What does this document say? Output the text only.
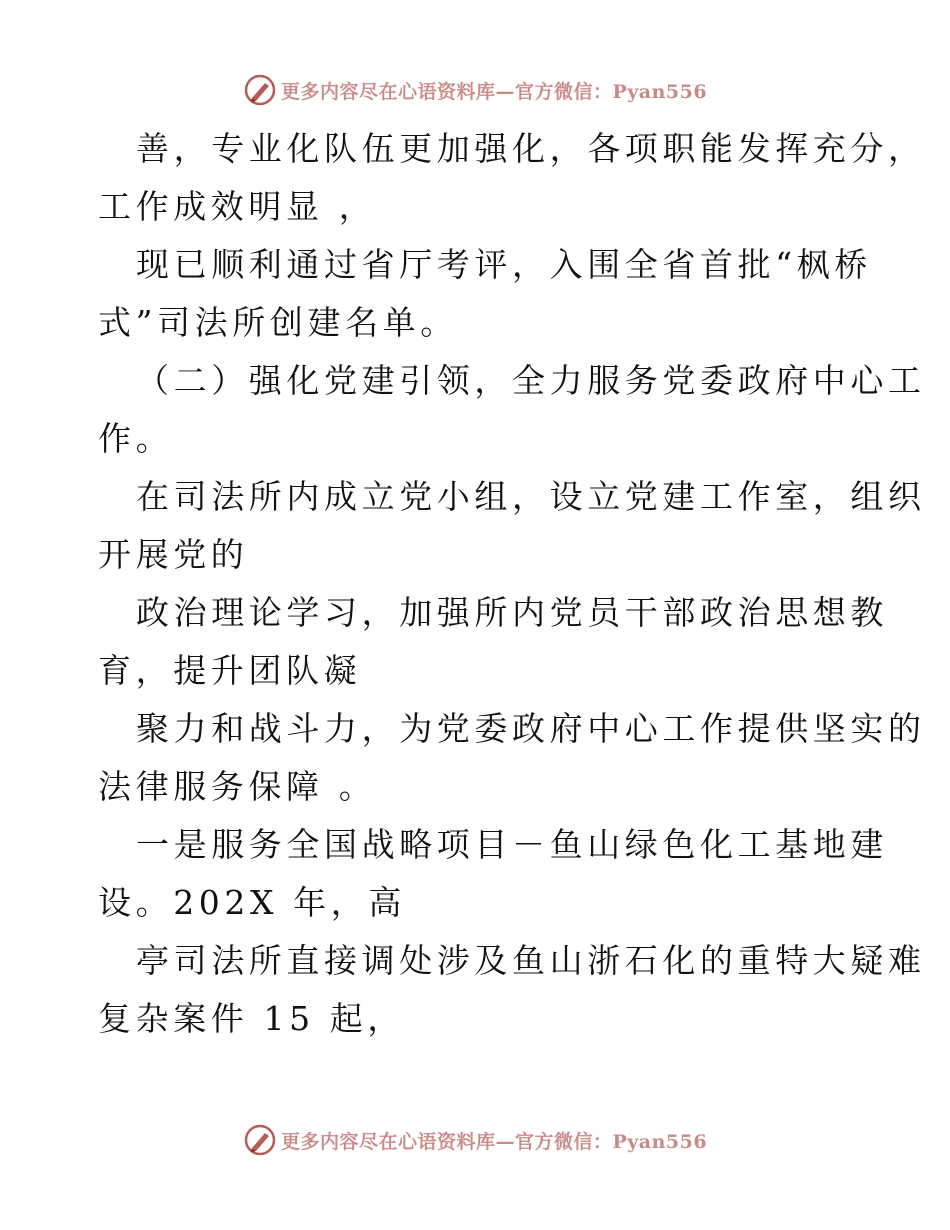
更多内容尽在心语资料库—官方微信：Pyan556
善，专业化队伍更加强化，各项职能发挥充分，
工作成效明显 ，
现已顺利通过省厅考评，入围全省首批“枫桥
式”司法所创建名单。
（二）强化党建引领，全力服务党委政府中心工
作。
在司法所内成立党小组，设立党建工作室，组织
开展党的
政治理论学习，加强所内党员干部政治思想教
育，提升团队凝
聚力和战斗力，为党委政府中心工作提供坚实的
法律服务保障 。
一是服务全国战略项目－鱼山绿色化工基地建
设。202X 年，高
亭司法所直接调处涉及鱼山浙石化的重特大疑难
复杂案件 15 起，
更多内容尽在心语资料库—官方微信：Pyan556
